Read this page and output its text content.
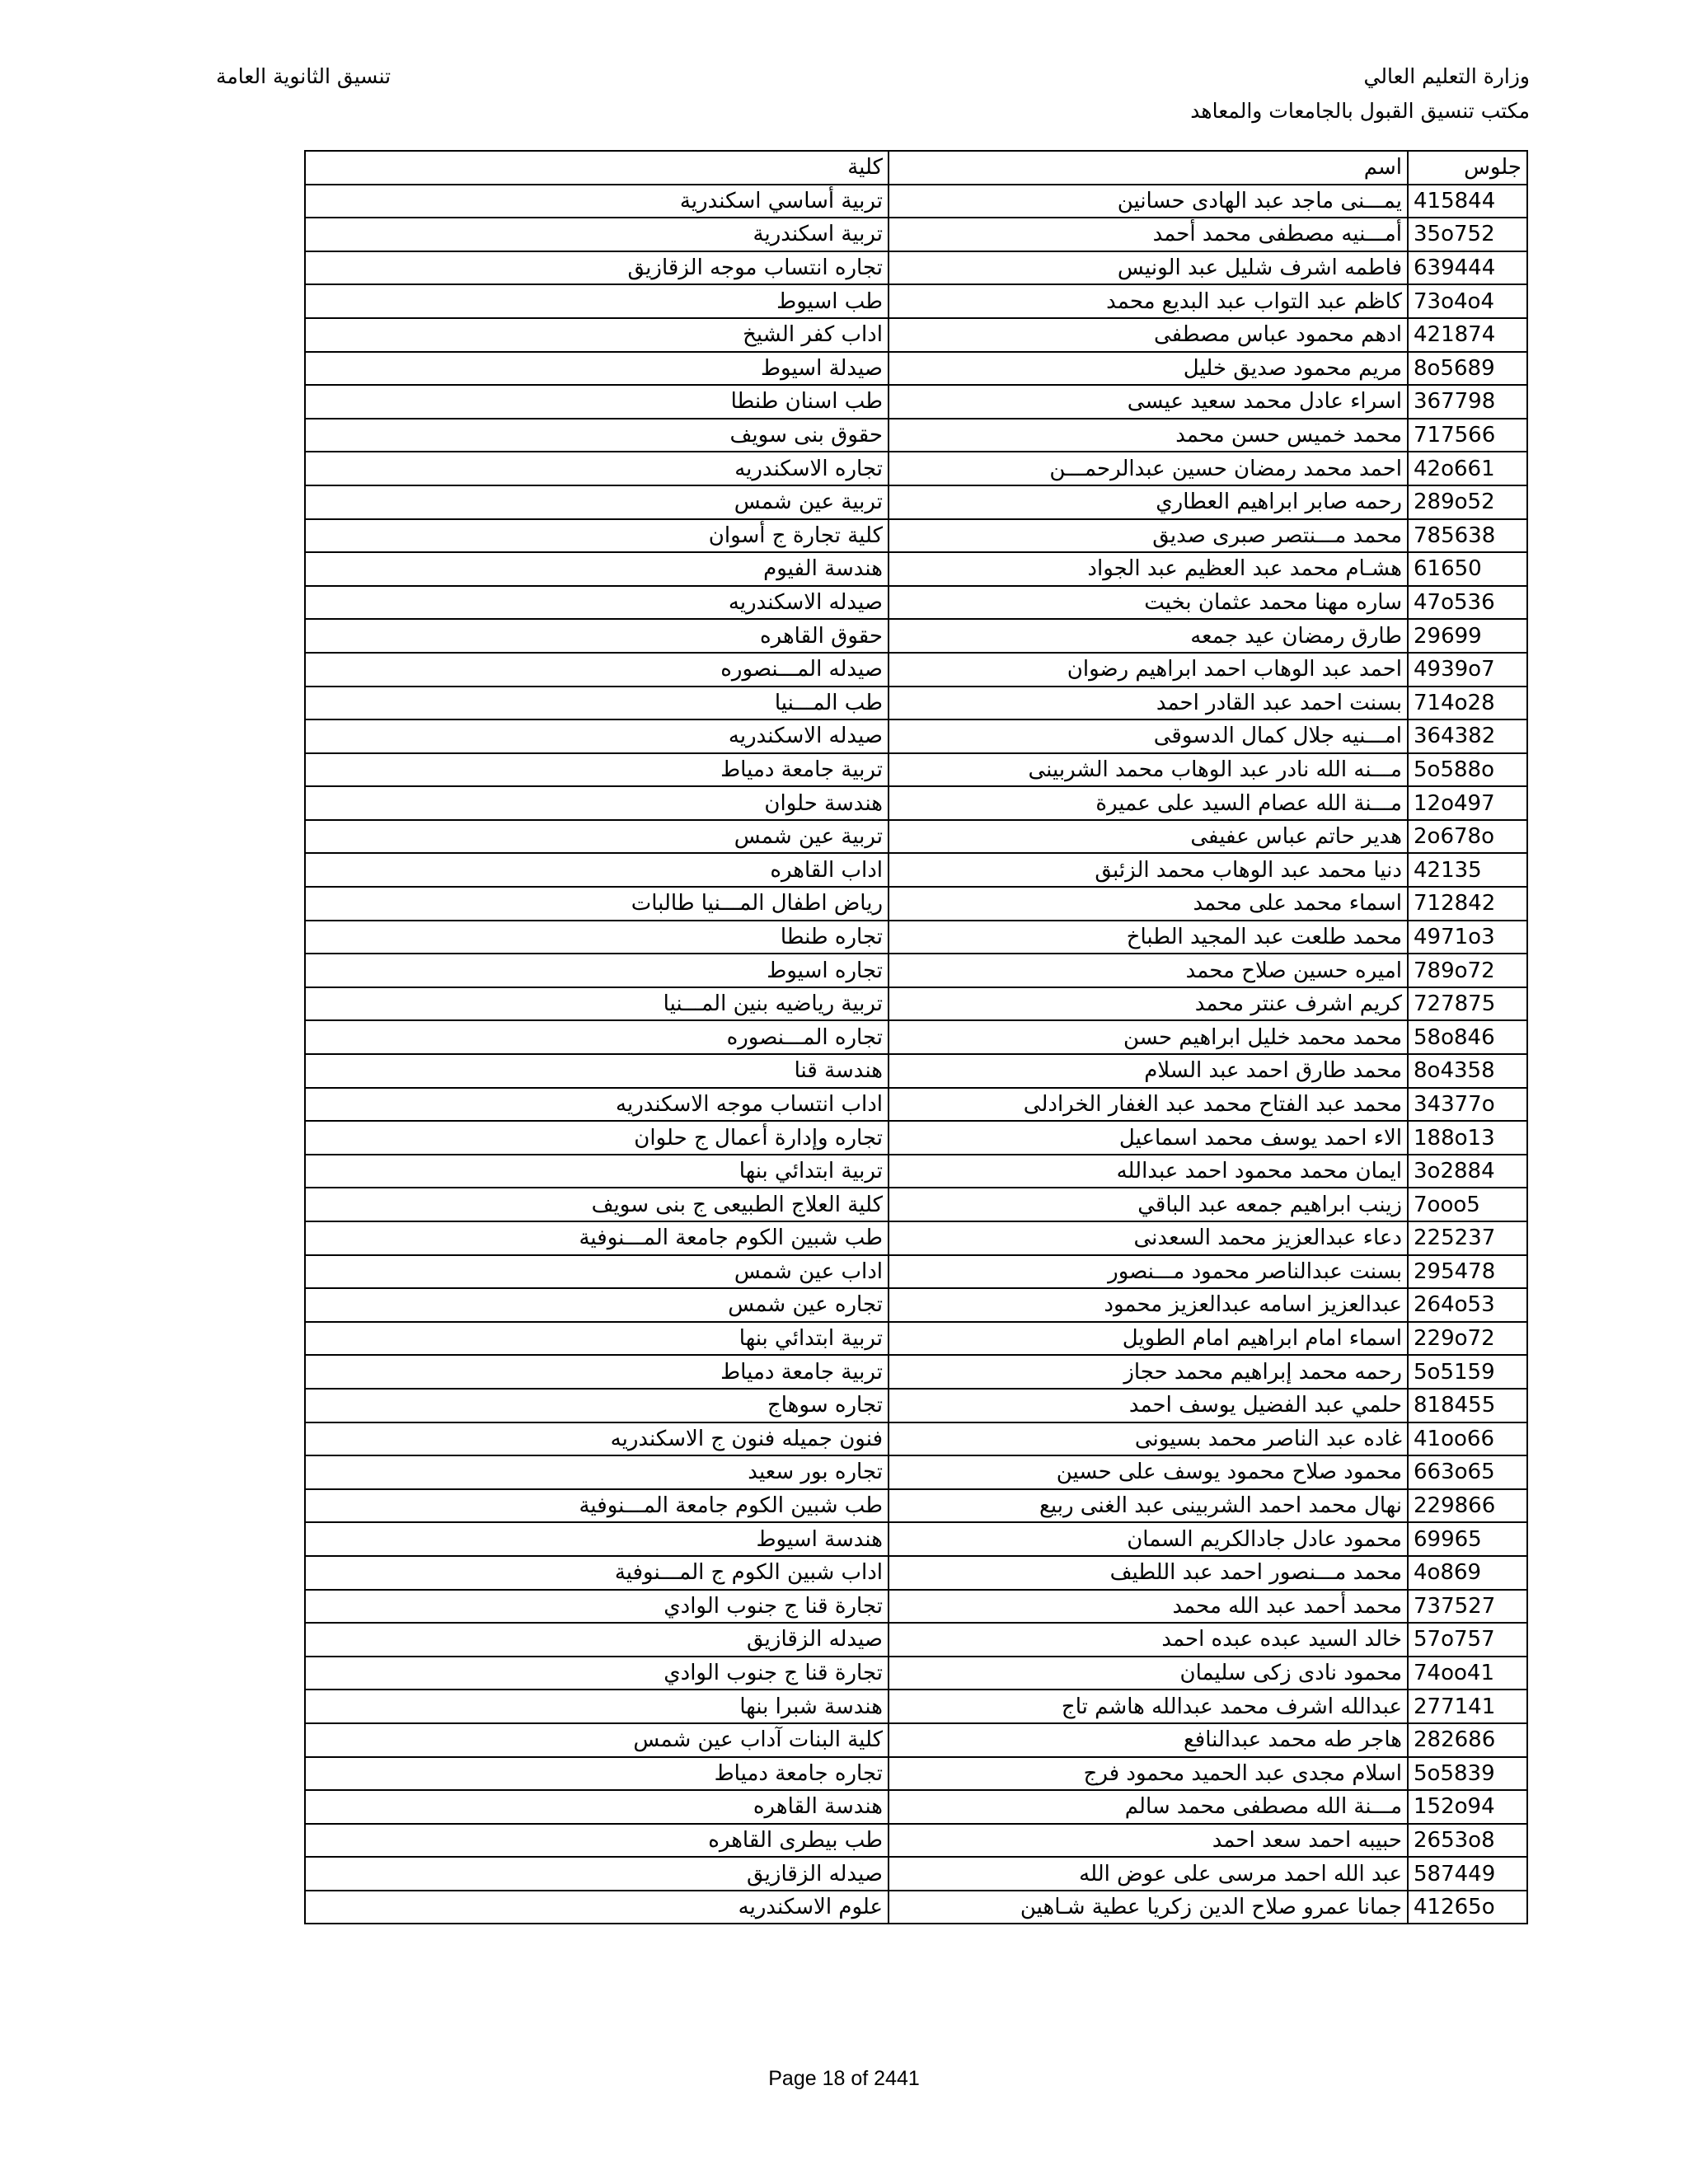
وزارة التعليم العالي
مكتب تنسيق القبول بالجامعات والمعاهد
تنسيق الثانوية العامة
جلوس	اسم	كلية
415844	يمـــنى ماجد عبد الهادى حسانين	تربية أساسي اسكندرية
35o752	أمـــنيه مصطفى محمد أحمد	تربية اسكندرية
639444	فاطمه اشرف شليل عبد الونيس	تجاره انتساب موجه الزقازيق
73o4o4	كاظم عبد التواب عبد البديع محمد	طب اسيوط
421874	ادهم محمود عباس مصطفى	اداب كفر الشيخ
8o5689	مريم محمود صديق خليل	صيدلة اسيوط
367798	اسراء عادل محمد سعيد عيسى	طب اسنان طنطا
717566	محمد خميس حسن محمد	حقوق بنى سويف
42o661	احمد محمد رمضان حسين عبدالرحمـــن	تجاره الاسكندريه
289o52	رحمه صابر ابراهيم العطاري	تربية عين شمس
785638	محمد مـــنتصر صبرى صديق	كلية تجارة ج أسوان
61650	هشـام محمد عبد العظيم عبد الجواد	هندسة الفيوم
47o536	ساره مهنا محمد عثمان بخيت	صيدله الاسكندريه
29699	طارق رمضان عيد جمعه	حقوق القاهره
4939o7	احمد عبد الوهاب احمد ابراهيم رضوان	صيدله المـــنصوره
714o28	بسنت احمد عبد القادر احمد	طب المـــنيا
364382	امـــنيه جلال كمال الدسوقى	صيدله الاسكندريه
5o588o	مـــنه الله نادر عبد الوهاب محمد الشربينى	تربية جامعة دمياط
12o497	مـــنة الله عصام السيد على عميرة	هندسة حلوان
2o678o	هدير حاتم عباس عفيفى	تربية عين شمس
42135	دنيا محمد عبد الوهاب محمد الزئبق	اداب القاهره
712842	اسماء محمد على محمد	رياض اطفال المـــنيا طالبات
4971o3	محمد طلعت عبد المجيد الطباخ	تجاره طنطا
789o72	اميره حسين صلاح محمد	تجاره اسيوط
727875	كريم اشرف عنتر محمد	تربية رياضيه بنين المـــنيا
58o846	محمد محمد خليل ابراهيم حسن	تجاره المـــنصوره
8o4358	محمد طارق احمد عبد السلام	هندسة قنا
34377o	محمد عبد الفتاح محمد عبد الغفار الخرادلى	اداب انتساب موجه الاسكندريه
188o13	الاء احمد يوسف محمد اسماعيل	تجاره وإدارة أعمال ج حلوان
3o2884	ايمان محمد محمود احمد عبدالله	تربية ابتدائي بنها
7ooo5	زينب ابراهيم جمعه عبد الباقي	كلية العلاج الطبيعى ج بنى سويف
225237	دعاء عبدالعزيز محمد السعدنى	طب شبين الكوم جامعة المـــنوفية
295478	بسنت عبدالناصر محمود مـــنصور	اداب عين شمس
264o53	عبدالعزيز اسامه عبدالعزيز محمود	تجاره عين شمس
229o72	اسماء امام ابراهيم امام الطويل	تربية ابتدائي بنها
5o5159	رحمه محمد إبراهيم محمد حجاز	تربية جامعة دمياط
818455	حلمي عبد الفضيل يوسف احمد	تجاره سوهاج
41oo66	غاده عبد الناصر محمد بسيونى	فنون جميله فنون ج الاسكندريه
663o65	محمود صلاح محمود يوسف على حسين	تجاره بور سعيد
229866	نهال محمد احمد الشربينى عبد الغنى ربيع	طب شبين الكوم جامعة المـــنوفية
69965	محمود عادل جادالكريم السمان	هندسة اسيوط
4o869	محمد مـــنصور احمد عبد اللطيف	اداب شبين الكوم ج المـــنوفية
737527	محمد أحمد عبد الله محمد	تجارة قنا ج جنوب الوادي
57o757	خالد السيد عبده عبده احمد	صيدله الزقازيق
74oo41	محمود نادى زكى سليمان	تجارة قنا ج جنوب الوادي
277141	عبدالله اشرف محمد عبدالله هاشم تاج	هندسة شبرا بنها
282686	هاجر طه محمد عبدالنافع	كلية البنات آداب عين شمس
5o5839	اسلام مجدى عبد الحميد محمود فرج	تجاره جامعة دمياط
152o94	مـــنة الله مصطفى محمد سالم	هندسة القاهره
2653o8	حبيبه احمد سعد احمد	طب بيطرى القاهره
587449	عبد الله احمد مرسى على عوض الله	صيدله الزقازيق
41265o	جمانا عمرو صلاح الدين زكريا عطية شـاهين	علوم الاسكندريه
Page 18 of 2441
